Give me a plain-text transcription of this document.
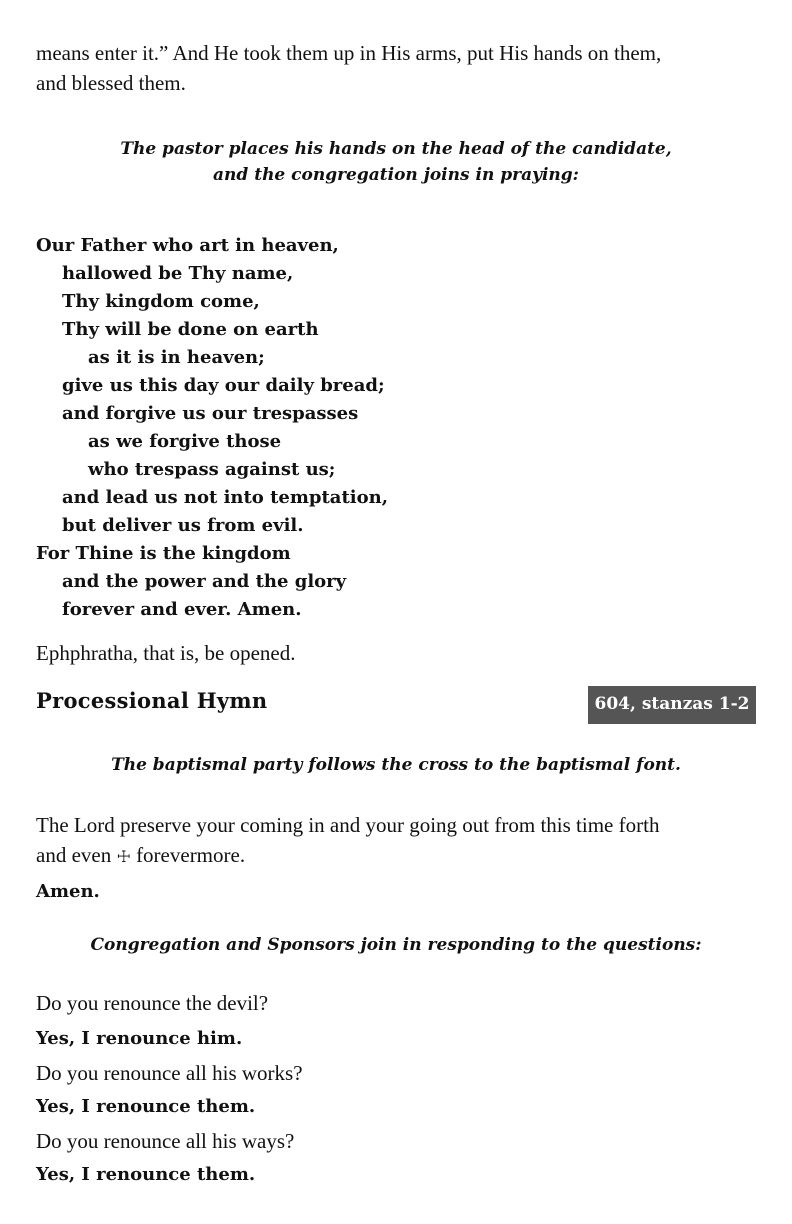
means enter it.” And He took them up in His arms, put His hands on them,
and blessed them.
The pastor places his hands on the head of the candidate,
and the congregation joins in praying:
Our Father who art in heaven,
hallowed be Thy name,
Thy kingdom come,
Thy will be done on earth
as it is in heaven;
give us this day our daily bread;
and forgive us our trespasses
as we forgive those
who trespass against us;
and lead us not into temptation,
but deliver us from evil.
For Thine is the kingdom
and the power and the glory
forever and ever. Amen.
Ephphratha, that is, be opened.
Processional Hymn	604, stanzas 1-2
The baptismal party follows the cross to the baptismal font.
The Lord preserve your coming in and your going out from this time forth
and even ☩ forevermore.
Amen.
Congregation and Sponsors join in responding to the questions:
Do you renounce the devil?
Yes, I renounce him.
Do you renounce all his works?
Yes, I renounce them.
Do you renounce all his ways?
Yes, I renounce them.
